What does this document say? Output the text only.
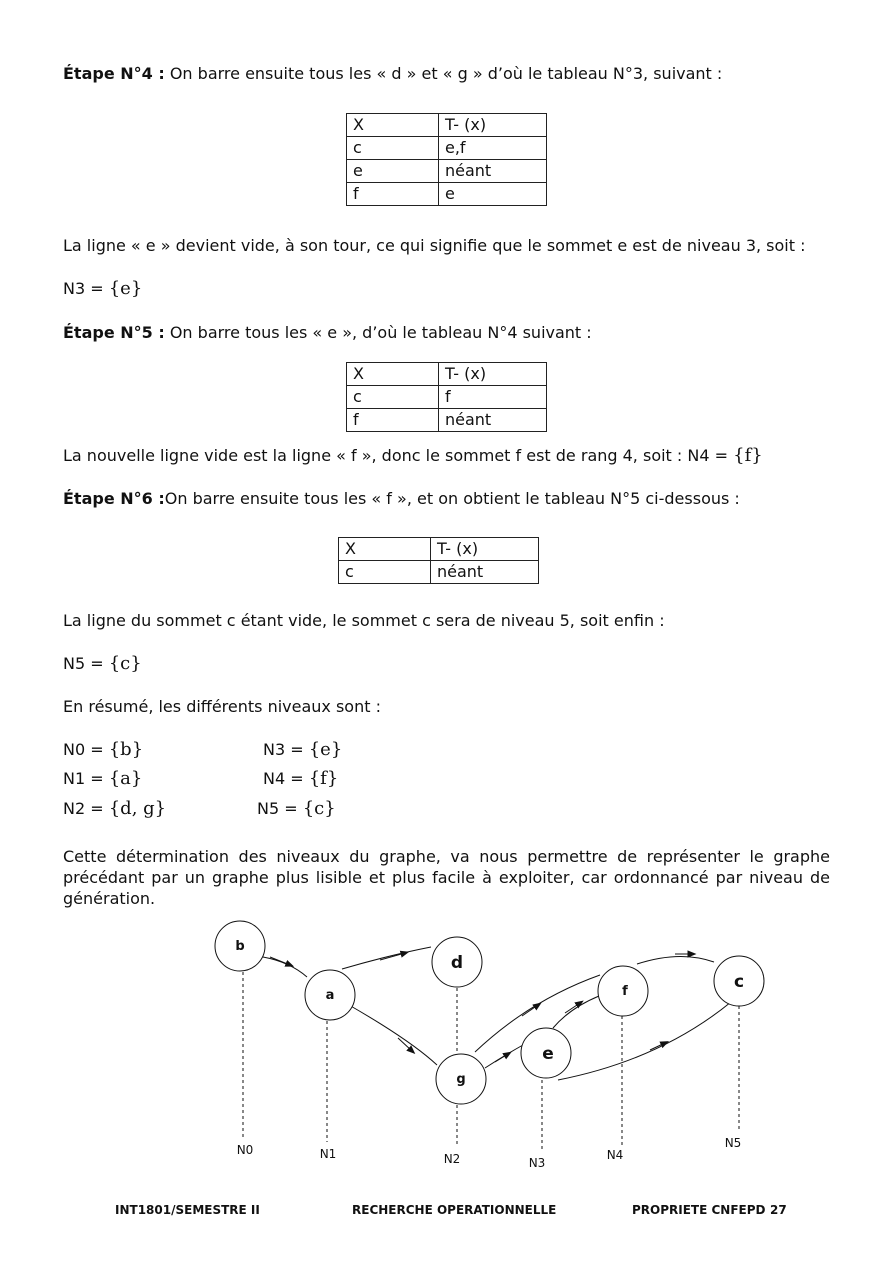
Étape N°4 : On barre ensuite tous les « d » et « g » d’où le tableau N°3, suivant :
X	T- (x)
c	e,f
e	néant
f	e
La ligne « e » devient vide, à son tour, ce qui signifie que le sommet e est de niveau 3, soit :
N3 = {e}
Étape N°5 : On barre tous les « e », d’où le tableau N°4 suivant :
X	T- (x)
c	f
f	néant
La nouvelle ligne vide est la ligne « f », donc le sommet f est de rang 4, soit : N4 = {f}
Étape N°6 :On barre ensuite tous les « f », et on obtient le tableau N°5 ci-dessous :
X	T- (x)
c	néant
La ligne du sommet c étant vide, le sommet c sera de niveau 5, soit enfin :
N5 = {c}
En résumé, les différents niveaux sont :
N0 = {b}
N1 = {a}
N2 = {d, g}
N3 = {e}
N4 = {f}
N5 = {c}
Cette détermination des niveaux du graphe, va nous permettre de représenter le graphe précédant par un graphe plus lisible et plus facile à exploiter, car ordonnancé par niveau de génération.
b
a
d
g
e
f	c
N0	N1	N2	N3
N4
N5
INT1801/SEMESTRE II	RECHERCHE OPERATIONNELLE	PROPRIETE CNFEPD 27
